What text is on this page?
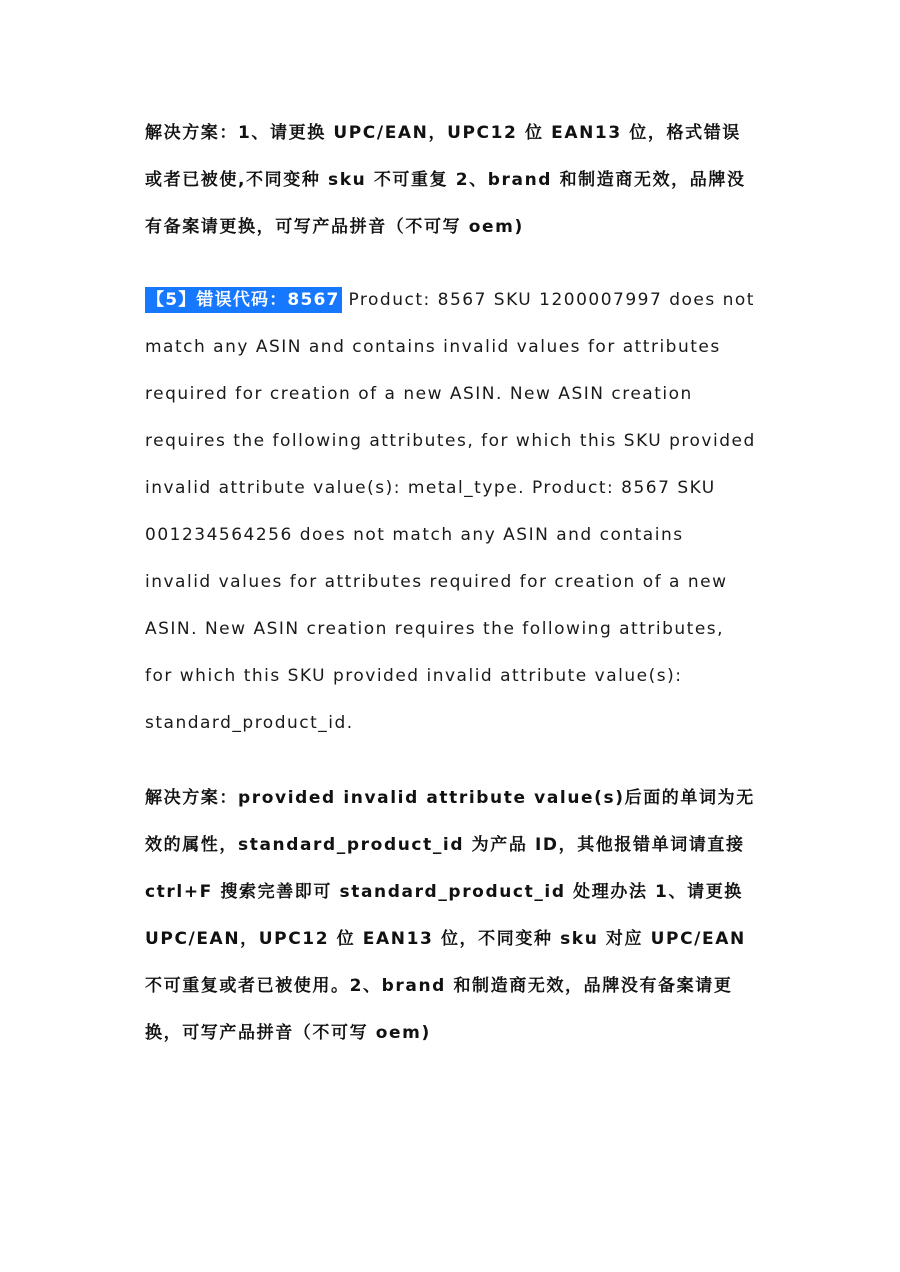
解决方案：1、请更换 UPC/EAN，UPC12 位 EAN13 位，格式错误或者已被使,不同变种 sku 不可重复 2、brand 和制造商无效，品牌没有备案请更换，可写产品拼音（不可写 oem)

【5】错误代码：8567 Product: 8567 SKU 1200007997 does not match any ASIN and contains invalid values for attributes required for creation of a new ASIN. New ASIN creation requires the following attributes, for which this SKU provided invalid attribute value(s): metal_type. Product: 8567 SKU 001234564256 does not match any ASIN and contains invalid values for attributes required for creation of a new ASIN. New ASIN creation requires the following attributes, for which this SKU provided invalid attribute value(s): standard_product_id.

解决方案：provided invalid attribute value(s)后面的单词为无效的属性，standard_product_id 为产品 ID，其他报错单词请直接 ctrl+F 搜索完善即可 standard_product_id 处理办法 1、请更换 UPC/EAN，UPC12 位 EAN13 位，不同变种 sku 对应 UPC/EAN 不可重复或者已被使用。2、brand 和制造商无效，品牌没有备案请更换，可写产品拼音（不可写 oem)
